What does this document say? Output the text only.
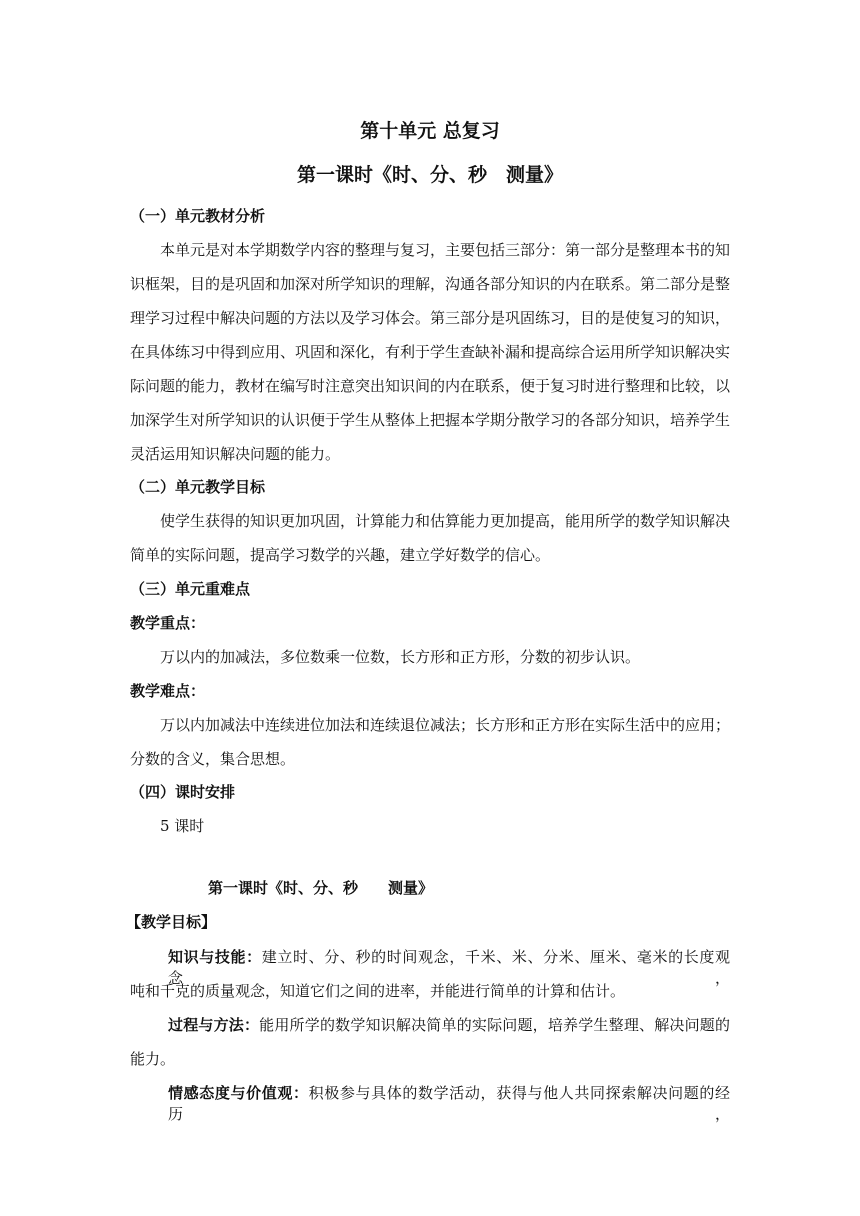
第十单元 总复习
第一课时《时、分、秒　测量》
（一）单元教材分析
本单元是对本学期数学内容的整理与复习，主要包括三部分：第一部分是整理本书的知
识框架，目的是巩固和加深对所学知识的理解，沟通各部分知识的内在联系。第二部分是整
理学习过程中解决问题的方法以及学习体会。第三部分是巩固练习，目的是使复习的知识，
在具体练习中得到应用、巩固和深化，有利于学生查缺补漏和提高综合运用所学知识解决实
际问题的能力，教材在编写时注意突出知识间的内在联系，便于复习时进行整理和比较，以
加深学生对所学知识的认识便于学生从整体上把握本学期分散学习的各部分知识，培养学生
灵活运用知识解决问题的能力。
（二）单元教学目标
使学生获得的知识更加巩固，计算能力和估算能力更加提高，能用所学的数学知识解决
简单的实际问题，提高学习数学的兴趣，建立学好数学的信心。
（三）单元重难点
教学重点：
万以内的加减法，多位数乘一位数，长方形和正方形，分数的初步认识。
教学难点：
万以内加减法中连续进位加法和连续退位减法；长方形和正方形在实际生活中的应用；
分数的含义，集合思想。
（四）课时安排
5 课时
第一课时《时、分、秒　　测量》
【教学目标】
知识与技能：建立时、分、秒的时间观念，千米、米、分米、厘米、毫米的长度观念，
吨和千克的质量观念，知道它们之间的进率，并能进行简单的计算和估计。
过程与方法：能用所学的数学知识解决简单的实际问题，培养学生整理、解决问题的
能力。
情感态度与价值观：积极参与具体的数学活动，获得与他人共同探索解决问题的经历，
